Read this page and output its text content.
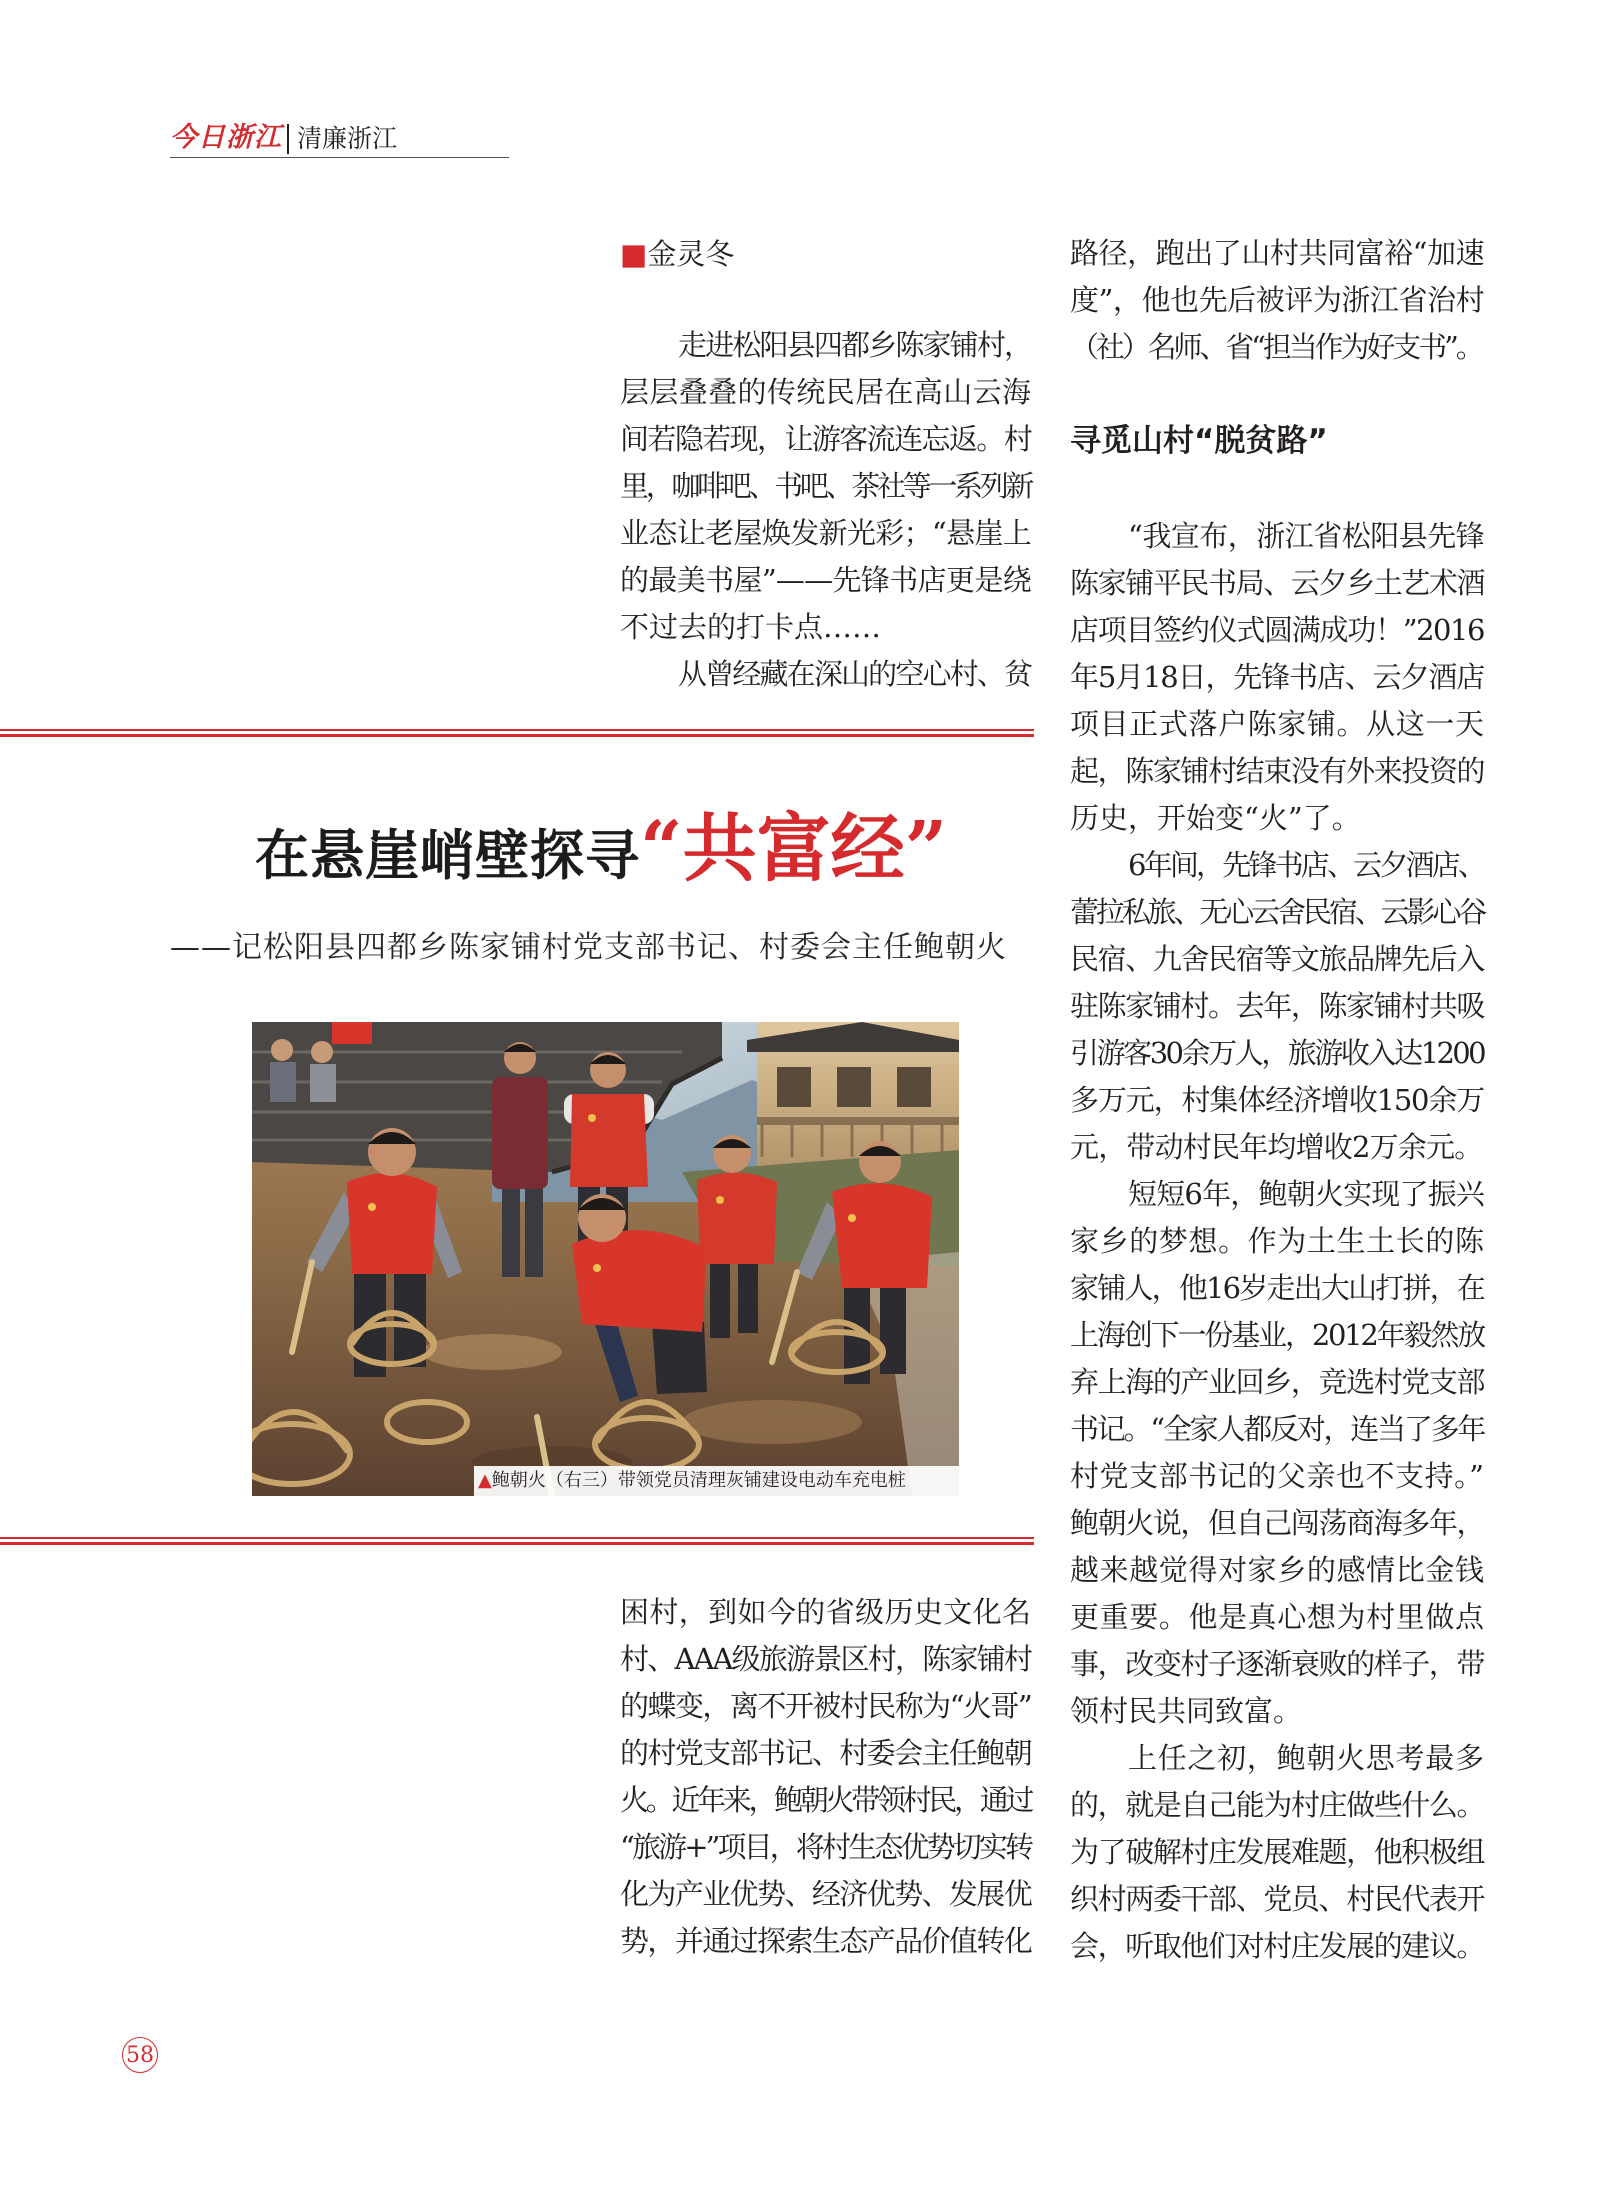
今日浙江 清廉浙江
■金灵冬
走进松阳县四都乡陈家铺村，
层层叠叠的传统民居在高山云海
间若隐若现，让游客流连忘返。村
里，咖啡吧、书吧、茶社等一系列新
业态让老屋焕发新光彩；“悬崖上
的最美书屋”——先锋书店更是绕
不过去的打卡点……
从曾经藏在深山的空心村、贫
在悬崖峭壁探寻 “共富经”
——记松阳县四都乡陈家铺村党支部书记、村委会主任鲍朝火
▲鲍朝火（右三）带领党员清理灰铺建设电动车充电桩
困村，到如今的省级历史文化名
村、AAA级旅游景区村，陈家铺村
的蝶变，离不开被村民称为“火哥”
的村党支部书记、村委会主任鲍朝
火。近年来，鲍朝火带领村民，通过
“旅游+”项目，将村生态优势切实转
化为产业优势、经济优势、发展优
势，并通过探索生态产品价值转化
路径，跑出了山村共同富裕“加速
度”，他也先后被评为浙江省治村
（社）名师、省“担当作为好支书”。
寻觅山村“脱贫路”
“我宣布，浙江省松阳县先锋
陈家铺平民书局、云夕乡土艺术酒
店项目签约仪式圆满成功！”2016
年5月18日，先锋书店、云夕酒店
项目正式落户陈家铺。从这一天
起，陈家铺村结束没有外来投资的
历史，开始变“火”了。
6年间，先锋书店、云夕酒店、
蕾拉私旅、无心云舍民宿、云影心谷
民宿、九舍民宿等文旅品牌先后入
驻陈家铺村。去年，陈家铺村共吸
引游客30余万人，旅游收入达1200
多万元，村集体经济增收150余万
元，带动村民年均增收2万余元。
短短6年，鲍朝火实现了振兴
家乡的梦想。作为土生土长的陈
家铺人，他16岁走出大山打拼，在
上海创下一份基业，2012年毅然放
弃上海的产业回乡，竞选村党支部
书记。“全家人都反对，连当了多年
村党支部书记的父亲也不支持。”
鲍朝火说，但自己闯荡商海多年，
越来越觉得对家乡的感情比金钱
更重要。他是真心想为村里做点
事，改变村子逐渐衰败的样子，带
领村民共同致富。
上任之初，鲍朝火思考最多
的，就是自己能为村庄做些什么。
为了破解村庄发展难题，他积极组
织村两委干部、党员、村民代表开
会，听取他们对村庄发展的建议。
58
